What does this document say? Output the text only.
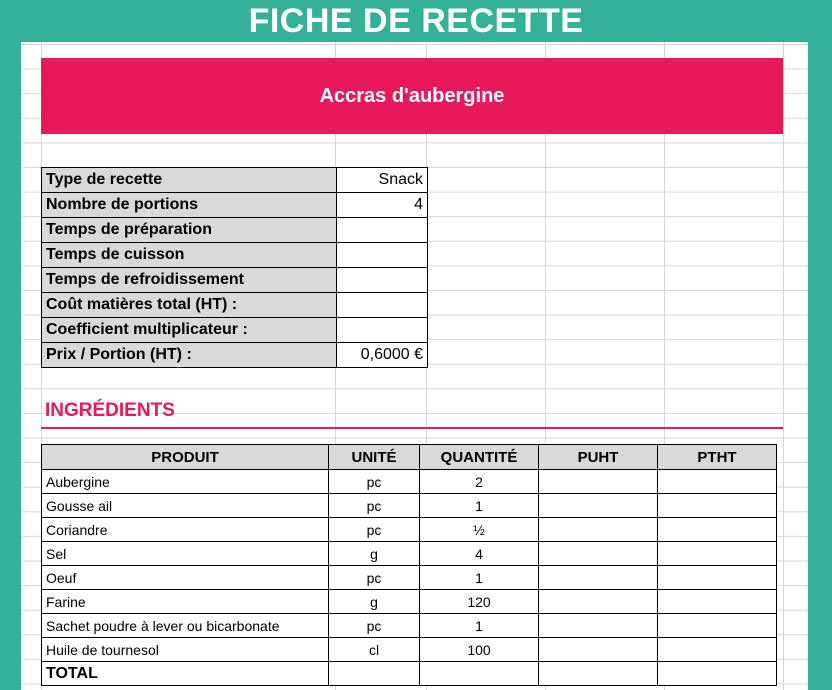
FICHE DE RECETTE
Accras d'aubergine
Type de recette	Snack
Nombre de portions	4
Temps de préparation	
Temps de cuisson	
Temps de refroidissement	
Coût matières total (HT) :	
Coefficient multiplicateur :	
Prix / Portion (HT) :	0,6000 €
INGRÉDIENTS
PRODUIT	UNITÉ	QUANTITÉ	PUHT	PTHT
Aubergine	pc	2		
Gousse ail	pc	1		
Coriandre	pc	½		
Sel	g	4		
Oeuf	pc	1		
Farine	g	120		
Sachet poudre à lever ou bicarbonate	pc	1		
Huile de tournesol	cl	100		
TOTAL				
